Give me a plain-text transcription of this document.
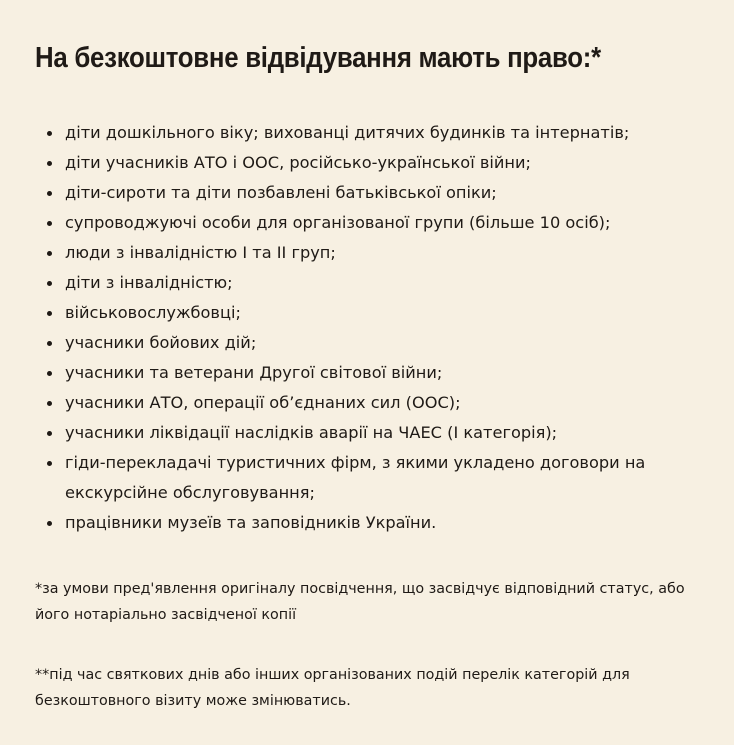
На безкоштовне відвідування мають право:*
діти дошкільного віку; вихованці дитячих будинків та інтернатів;
діти учасників АТО і ООС, російсько-української війни;
діти-сироти та діти позбавлені батьківської опіки;
супроводжуючі особи для організованої групи (більше 10 осіб);
люди з інвалідністю І та ІІ груп;
діти з інвалідністю;
військовослужбовці;
учасники бойових дій;
учасники та ветерани Другої світової війни;
учасники АТО, операції об’єднаних сил (ООС);
учасники ліквідації наслідків аварії на ЧАЕС (І категорія);
гіди-перекладачі туристичних фірм, з якими укладено договори на екскурсійне обслуговування;
працівники музеїв та заповідників України.

*за умови пред'явлення оригіналу посвідчення, що засвідчує відповідний статус, або його нотаріально засвідченої копії

**під час святкових днів або інших організованих подій перелік категорій для безкоштовного візиту може змінюватись.
